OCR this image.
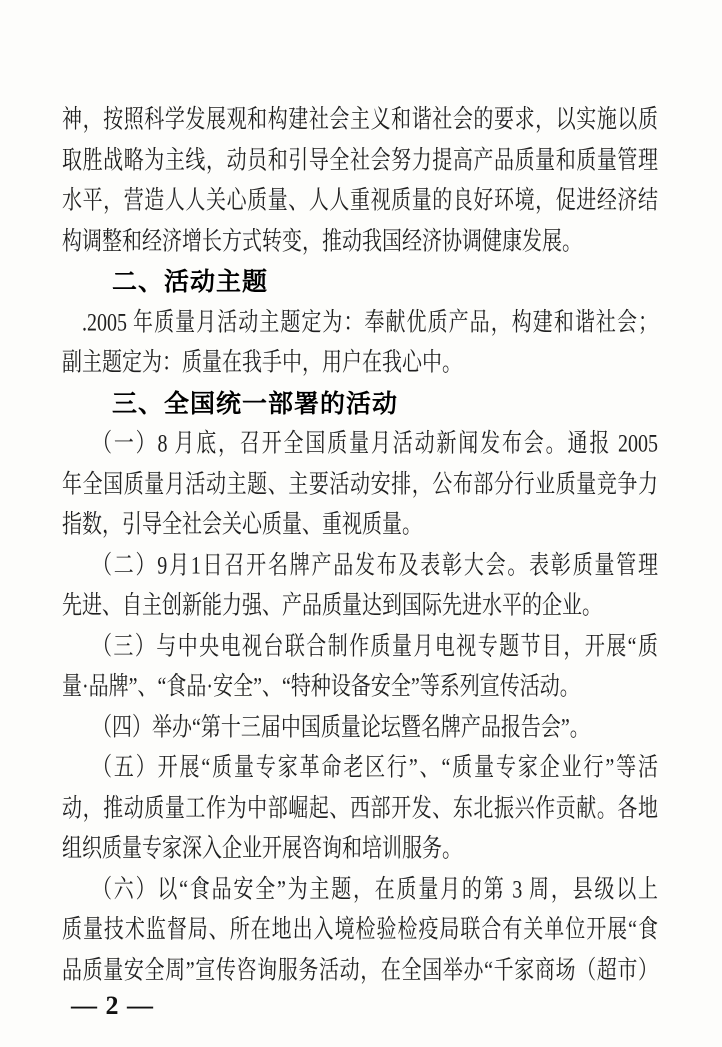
神，按照科学发展观和构建社会主义和谐社会的要求，以实施以质
取胜战略为主线，动员和引导全社会努力提高产品质量和质量管理
水平，营造人人关心质量、人人重视质量的良好环境，促进经济结
构调整和经济增长方式转变，推动我国经济协调健康发展。
二、活动主题
.2005 年质量月活动主题定为：奉献优质产品，构建和谐社会；
副主题定为：质量在我手中，用户在我心中。
三、全国统一部署的活动
（一）8 月底，召开全国质量月活动新闻发布会。通报 2005
年全国质量月活动主题、主要活动安排，公布部分行业质量竞争力
指数，引导全社会关心质量、重视质量。
（二）9月1日召开名牌产品发布及表彰大会。表彰质量管理
先进、自主创新能力强、产品质量达到国际先进水平的企业。
（三）与中央电视台联合制作质量月电视专题节目，开展“质
量·品牌”、“食品·安全”、“特种设备安全”等系列宣传活动。
（四）举办“第十三届中国质量论坛暨名牌产品报告会”。
（五）开展“质量专家革命老区行”、“质量专家企业行”等活
动，推动质量工作为中部崛起、西部开发、东北振兴作贡献。各地
组织质量专家深入企业开展咨询和培训服务。
（六）以“食品安全”为主题，在质量月的第 3 周，县级以上
质量技术监督局、所在地出入境检验检疫局联合有关单位开展“食
品质量安全周”宣传咨询服务活动，在全国举办“千家商场（超市）
— 2 —
